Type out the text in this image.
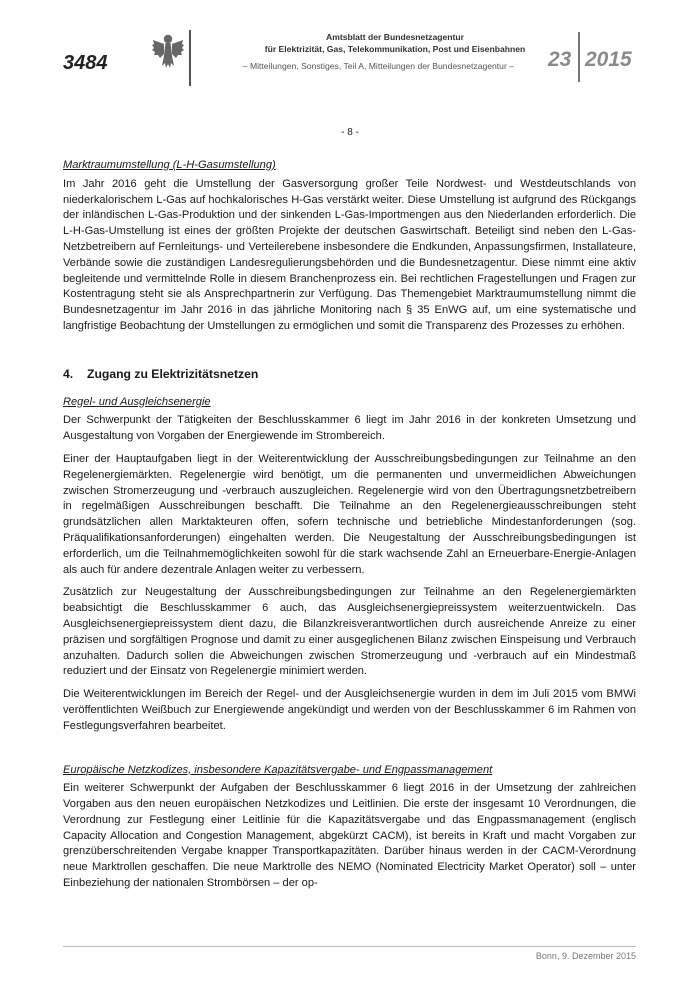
3484
Amtsblatt der Bundesnetzagentur
für Elektrizität, Gas, Telekommunikation, Post und Eisenbahnen
– Mitteilungen, Sonstiges, Teil A, Mitteilungen der Bundesnetzagentur –	23 2015
- 8 -
Marktraumumstellung (L-H-Gasumstellung)

Im Jahr 2016 geht die Umstellung der Gasversorgung großer Teile Nordwest- und Westdeutschlands von niederkalorischem L-Gas auf hochkalorisches H-Gas verstärkt weiter. Diese Umstellung ist aufgrund des Rückgangs der inländischen L-Gas-Produktion und der sinkenden L-Gas-Importmengen aus den Niederlanden erforderlich. Die L-H-Gas-Umstellung ist eines der größten Projekte der deutschen Gaswirtschaft. Beteiligt sind neben den L-Gas-Netzbetreibern auf Fernleitungs- und Verteilerebene insbesondere die Endkunden, Anpassungsfirmen, Installateure, Verbände sowie die zuständigen Landesregulierungsbehörden und die Bundesnetzagentur. Diese nimmt eine aktiv begleitende und vermittelnde Rolle in diesem Branchenprozess ein. Bei rechtlichen Fragestellungen und Fragen zur Kostentragung steht sie als Ansprechpartnerin zur Verfügung. Das Themengebiet Marktraumumstellung nimmt die Bundesnetzagentur im Jahr 2016 in das jährliche Monitoring nach § 35 EnWG auf, um eine systematische und langfristige Beobachtung der Umstellungen zu ermöglichen und somit die Transparenz des Prozesses zu erhöhen.

4.	Zugang zu Elektrizitätsnetzen
Regel- und Ausgleichsenergie

Der Schwerpunkt der Tätigkeiten der Beschlusskammer 6 liegt im Jahr 2016 in der konkreten Umsetzung und Ausgestaltung von Vorgaben der Energiewende im Strombereich.

Einer der Hauptaufgaben liegt in der Weiterentwicklung der Ausschreibungsbedingungen zur Teilnahme an den Regelenergiemärkten. Regelenergie wird benötigt, um die permanenten und unvermeidlichen Abweichungen zwischen Stromerzeugung und -verbrauch auszugleichen. Regelenergie wird von den Übertragungsnetzbetreibern in regelmäßigen Ausschreibungen beschafft. Die Teilnahme an den Regelenergieausschreibungen steht grundsätzlichen allen Marktakteuren offen, sofern technische und betriebliche Mindestanforderungen (sog. Präqualifikationsanforderungen) eingehalten werden. Die Neugestaltung der Ausschreibungsbedingungen ist erforderlich, um die Teilnahmemöglichkeiten sowohl für die stark wachsende Zahl an Erneuerbare-Energie-Anlagen als auch für andere dezentrale Anlagen weiter zu verbessern.

Zusätzlich zur Neugestaltung der Ausschreibungsbedingungen zur Teilnahme an den Regelenergiemärkten beabsichtigt die Beschlusskammer 6 auch, das Ausgleichsenergiepreissystem weiterzuentwickeln. Das Ausgleichsenergiepreissystem dient dazu, die Bilanzkreisverantwortlichen durch ausreichende Anreize zu einer präzisen und sorgfältigen Prognose und damit zu einer ausgeglichenen Bilanz zwischen Einspeisung und Verbrauch anzuhalten. Dadurch sollen die Abweichungen zwischen Stromerzeugung und -verbrauch auf ein Mindestmaß reduziert und der Einsatz von Regelenergie minimiert werden.

Die Weiterentwicklungen im Bereich der Regel- und der Ausgleichsenergie wurden in dem im Juli 2015 vom BMWi veröffentlichten Weißbuch zur Energiewende angekündigt und werden von der Beschlusskammer 6 im Rahmen von Festlegungsverfahren bearbeitet.

Europäische Netzkodizes, insbesondere Kapazitätsvergabe- und Engpassmanagement

Ein weiterer Schwerpunkt der Aufgaben der Beschlusskammer 6 liegt 2016 in der Umsetzung der zahlreichen Vorgaben aus den neuen europäischen Netzkodizes und Leitlinien. Die erste der insgesamt 10 Verordnungen, die Verordnung zur Festlegung einer Leitlinie für die Kapazitätsvergabe und das Engpassmanagement (englisch Capacity Allocation and Congestion Management, abgekürzt CACM), ist bereits in Kraft und macht Vorgaben zur grenzüberschreitenden Vergabe knapper Transportkapazitäten. Darüber hinaus werden in der CACM-Verordnung neue Marktrollen geschaffen. Die neue Marktrolle des NEMO (Nominated Electricity Market Operator) soll – unter Einbeziehung der nationalen Strombörsen – der op-

Bonn, 9. Dezember 2015
